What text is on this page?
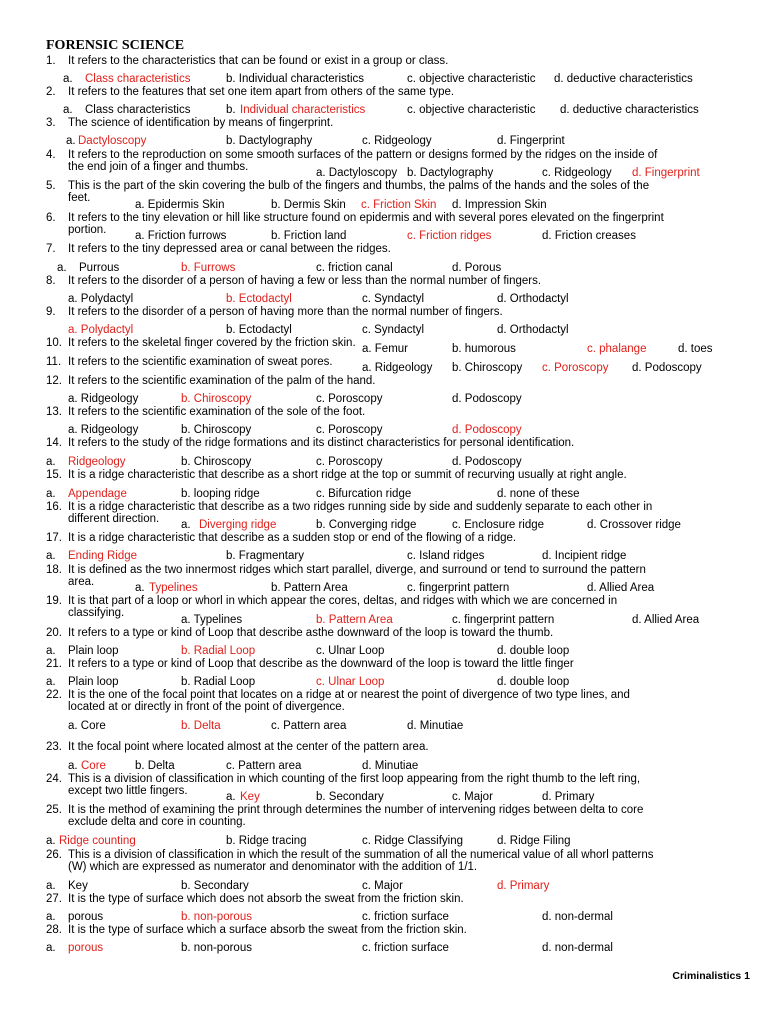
FORENSIC SCIENCE
1. It refers to the characteristics that can be found or exist in a group or class.
a. Class characteristics	b. Individual characteristics	c. objective characteristic d. deductive characteristics
2. It refers to the features that set one item apart from others of the same type.
a. Class characteristics	b. Individual characteristics	c. objective characteristic d. deductive characteristics
3. The science of identification by means of fingerprint.
a. Dactyloscopy	b. Dactylography	c. Ridgeology	d. Fingerprint
4. It refers to the reproduction on some smooth surfaces of the pattern or designs formed by the ridges on the inside of
the end join of a finger and thumbs.	a. Dactyloscopy b. Dactylography	c. Ridgeology d. Fingerprint
5. This is the part of the skin covering the bulb of the fingers and thumbs, the palms of the hands and the soles of the
feet.
a. Epidermis Skin	b. Dermis Skin c. Friction Skin d. Impression Skin
6. It refers to the tiny elevation or hill like structure found on epidermis and with several pores elevated on the fingerprint
portion. a. Friction furrows	b. Friction land	c. Friction ridges	d. Friction creases
7. It refers to the tiny depressed area or canal between the ridges.
a. Purrous	b. Furrows	c. friction canal	d. Porous
8. It refers to the disorder of a person of having a few or less than the normal number of fingers.
a. Polydactyl	b. Ectodactyl	c. Syndactyl	d. Orthodactyl
9. It refers to the disorder of a person of having more than the normal number of fingers.
a. Polydactyl	b. Ectodactyl	c. Syndactyl	d. Orthodactyl
10. It refers to the skeletal finger covered by the friction skin. a. Femur	b. humorous	c. phalange	d. toes
11. It refers to the scientific examination of sweat pores.	a. Ridgeology b. Chiroscopy c. Poroscopy d. Podoscopy
12. It refers to the scientific examination of the palm of the hand.
a. Ridgeology	b. Chiroscopy	c. Poroscopy	d. Podoscopy
13. It refers to the scientific examination of the sole of the foot.
a. Ridgeology	b. Chiroscopy	c. Poroscopy	d. Podoscopy
14. It refers to the study of the ridge formations and its distinct characteristics for personal identification.
a. Ridgeology	b. Chiroscopy	c. Poroscopy	d. Podoscopy
15. It is a ridge characteristic that describe as a short ridge at the top or summit of recurving usually at right angle.
a. Appendage	b. looping ridge	c. Bifurcation ridge	d. none of these
16. It is a ridge characteristic that describe as a two ridges running side by side and suddenly separate to each other in
different direction. a. Diverging ridge	b. Converging ridge	c. Enclosure ridge	d. Crossover ridge
17. It is a ridge characteristic that describe as a sudden stop or end of the flowing of a ridge.
a. Ending Ridge	b. Fragmentary	c. Island ridges	d. Incipient ridge
18. It is defined as the two innermost ridges which start parallel, diverge, and surround or tend to surround the pattern
area.	a. Typelines	b. Pattern Area	c. fingerprint pattern	d. Allied Area
19. It is that part of a loop or whorl in which appear the cores, deltas, and ridges with which we are concerned in
classifying.
a. Typelines	b. Pattern Area	c. fingerprint pattern	d. Allied Area
20. It refers to a type or kind of Loop that describe asthe downward of the loop is toward the thumb.
a. Plain loop	b. Radial Loop	c. Ulnar Loop	d. double loop
21. It refers to a type or kind of Loop that describe as the downward of the loop is toward the little finger
a. Plain loop	b. Radial Loop	c. Ulnar Loop	d. double loop
22. It is the one of the focal point that locates on a ridge at or nearest the point of divergence of two type lines, and
located at or directly in front of the point of divergence.
a. Core	b. Delta	c. Pattern area	d. Minutiae
23. It the focal point where located almost at the center of the pattern area.
a. Core	b. Delta	c. Pattern area	d. Minutiae
24. This is a division of classification in which counting of the first loop appearing from the right thumb to the left ring,
except two little fingers.	a. Key	b. Secondary	c. Major	d. Primary
25. It is the method of examining the print through determines the number of intervening ridges between delta to core
exclude delta and core in counting.
a. Ridge counting	b. Ridge tracing	c. Ridge Classifying	d. Ridge Filing
26. This is a division of classification in which the result of the summation of all the numerical value of all whorl patterns
(W) which are expressed as numerator and denominator with the addition of 1/1.
a. Key	b. Secondary	c. Major	d. Primary
27. It is the type of surface which does not absorb the sweat from the friction skin.
a. porous	b. non-porous	c. friction surface	d. non-dermal
28. It is the type of surface which a surface absorb the sweat from the friction skin.
a. porous	b. non-porous	c. friction surface	d. non-dermal
Criminalistics 1
